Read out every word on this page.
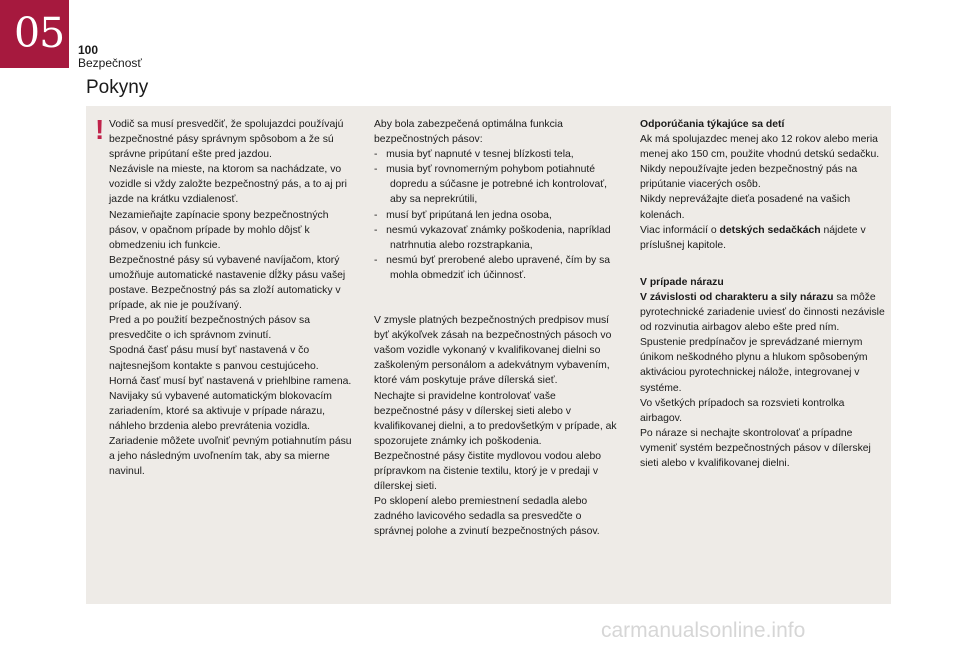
05 100
Bezpečnosť
Pokyny
! Vodič sa musí presvedčiť, že spolujazdci používajú bezpečnostné pásy správnym spôsobom a že sú správne pripútaní ešte pred jazdou.

Nezávisle na mieste, na ktorom sa nachádzate, vo vozidle si vždy založte bezpečnostný pás, a to aj pri jazde na krátku vzdialenosť.

Nezamieňajte zapínacie spony bezpečnostných pásov, v opačnom prípade by mohlo dôjsť k obmedzeniu ich funkcie.

Bezpečnostné pásy sú vybavené navíjačom, ktorý umožňuje automatické nastavenie dĺžky pásu vašej postave. Bezpečnostný pás sa zloží automaticky v prípade, ak nie je používaný.

Pred a po použití bezpečnostných pásov sa presvedčite o ich správnom zvinutí.

Spodná časť pásu musí byť nastavená v čo najtesnejšom kontakte s panvou cestujúceho.

Horná časť musí byť nastavená v priehlbine ramena.

Navijaky sú vybavené automatickým blokovacím zariadením, ktoré sa aktivuje v prípade nárazu, náhleho brzdenia alebo prevrátenia vozidla.

Zariadenie môžete uvoľniť pevným potiahnutím pásu a jeho následným uvoľnením tak, aby sa mierne navinul.

Aby bola zabezpečená optimálna funkcia bezpečnostných pásov:

-   musia byť napnuté v tesnej blízkosti tela,

-   musia byť rovnomerným pohybom potiahnuté dopredu a súčasne je potrebné ich kontrolovať, aby sa neprekrútili,

-   musí byť pripútaná len jedna osoba,

-   nesmú vykazovať známky poškodenia, napríklad natrhnutia alebo rozstrapkania,

-   nesmú byť prerobené alebo upravené, čím by sa mohla obmedziť ich účinnosť.

V zmysle platných bezpečnostných predpisov musí byť akýkoľvek zásah na bezpečnostných pásoch vo vašom vozidle vykonaný v kvalifikovanej dielni so zaškoleným personálom a adekvátnym vybavením, ktoré vám poskytuje práve dílerská sieť.

Nechajte si pravidelne kontrolovať vaše bezpečnostné pásy v dílerskej sieti alebo v kvalifikovanej dielni, a to predovšetkým v prípade, ak spozorujete známky ich poškodenia.

Bezpečnostné pásy čistite mydlovou vodou alebo prípravkom na čistenie textilu, ktorý je v predaji v dílerskej sieti.

Po sklopení alebo premiestnení sedadla alebo zadného lavicového sedadla sa presvedčte o správnej polohe a zvinutí bezpečnostných pásov.

Odporúčania týkajúce sa detí

Ak má spolujazdec menej ako 12 rokov alebo meria menej ako 150 cm, použite vhodnú detskú sedačku.

Nikdy nepoužívajte jeden bezpečnostný pás na pripútanie viacerých osôb.

Nikdy neprevážajte dieťa posadené na vašich kolenách.

Viac informácií o detských sedačkách nájdete v príslušnej kapitole.

V prípade nárazu

V závislosti od charakteru a sily nárazu sa môže pyrotechnické zariadenie uviesť do činnosti nezávisle od rozvinutia airbagov alebo ešte pred ním. Spustenie predpínačov je sprevádzané miernym únikom neškodného plynu a hlukom spôsobeným aktiváciou pyrotechnickej nálože, integrovanej v systéme.

Vo všetkých prípadoch sa rozsvieti kontrolka airbagov.

Po náraze si nechajte skontrolovať a prípadne vymeniť systém bezpečnostných pásov v dílerskej sieti alebo v kvalifikovanej dielni.

carmanualsonline.info
